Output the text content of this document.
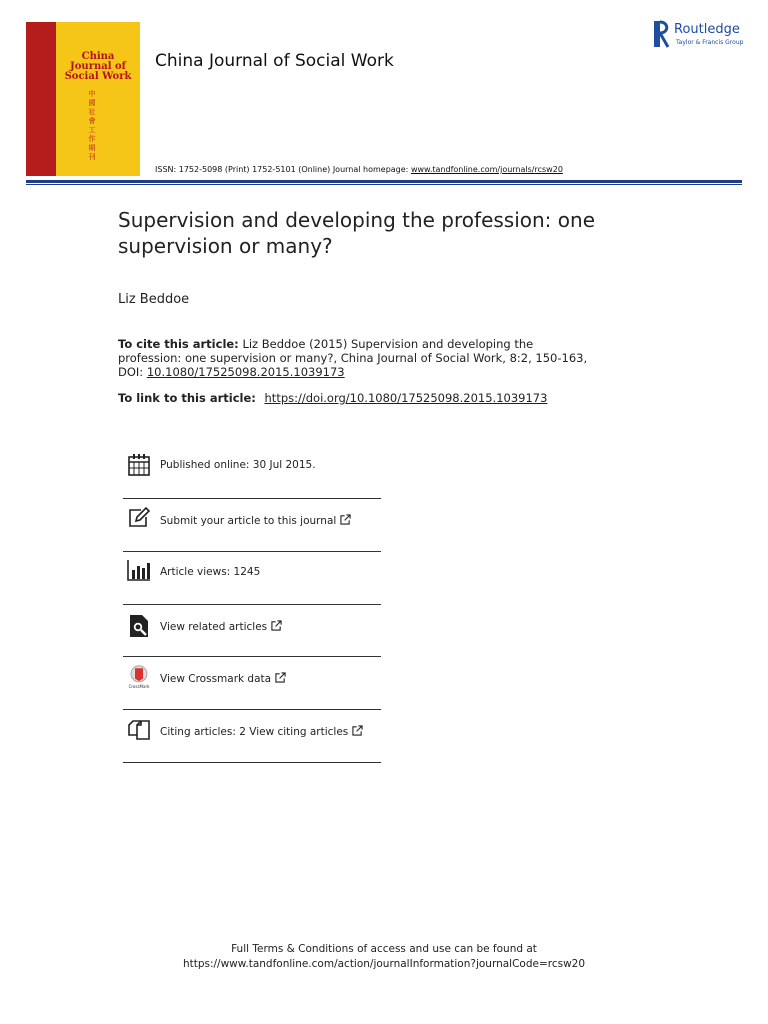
China
Journal of
Social Work
中國社會工作期刊
China Journal of Social Work
Routledge
Taylor & Francis Group
ISSN: 1752-5098 (Print) 1752-5101 (Online) Journal homepage: www.tandfonline.com/journals/rcsw20
Supervision and developing the profession: one supervision or many?
Liz Beddoe
To cite this article: Liz Beddoe (2015) Supervision and developing the profession: one supervision or many?, China Journal of Social Work, 8:2, 150-163, DOI: 10.1080/17525098.2015.1039173
To link to this article: https://doi.org/10.1080/17525098.2015.1039173
Published online: 30 Jul 2015.
Submit your article to this journal
Article views: 1245
View related articles
CrossMark
View Crossmark data
Citing articles: 2 View citing articles
Full Terms & Conditions of access and use can be found at
https://www.tandfonline.com/action/journalInformation?journalCode=rcsw20
